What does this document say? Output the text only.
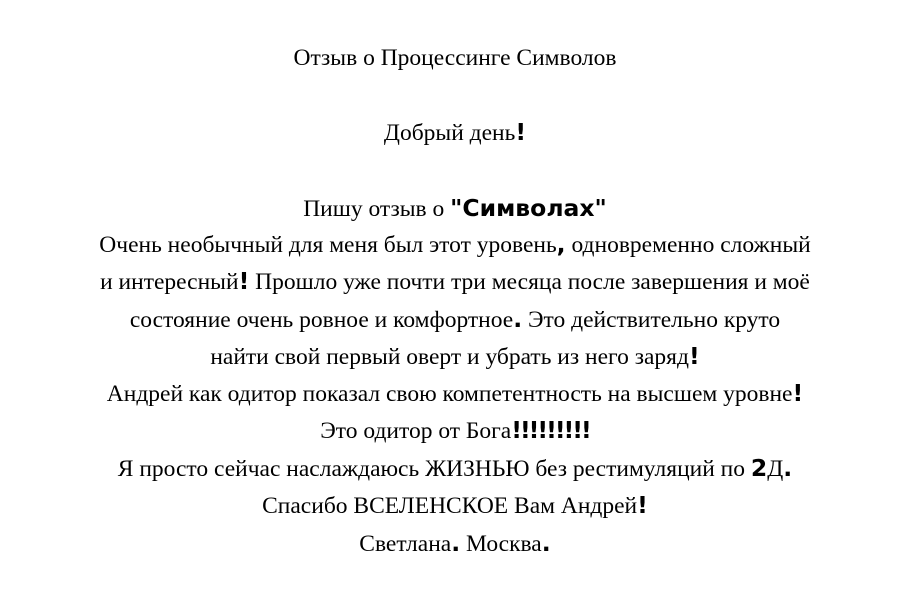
Отзыв о Процессинге Символов
Добрый день!
Пишу отзыв о "Символах"
Очень необычный для меня был этот уровень, одновременно сложный
и интересный! Прошло уже почти три месяца после завершения и моё
состояние очень ровное и комфортное. Это действительно круто
найти свой первый оверт и убрать из него заряд!
Андрей как одитор показал свою компетентность на высшем уровне!
Это одитор от Бога!!!!!!!!!
Я просто сейчас наслаждаюсь ЖИЗНЬЮ без рестимуляций по 2Д.
Спасибо ВСЕЛЕНСКОЕ Вам Андрей!
Светлана. Москва.
